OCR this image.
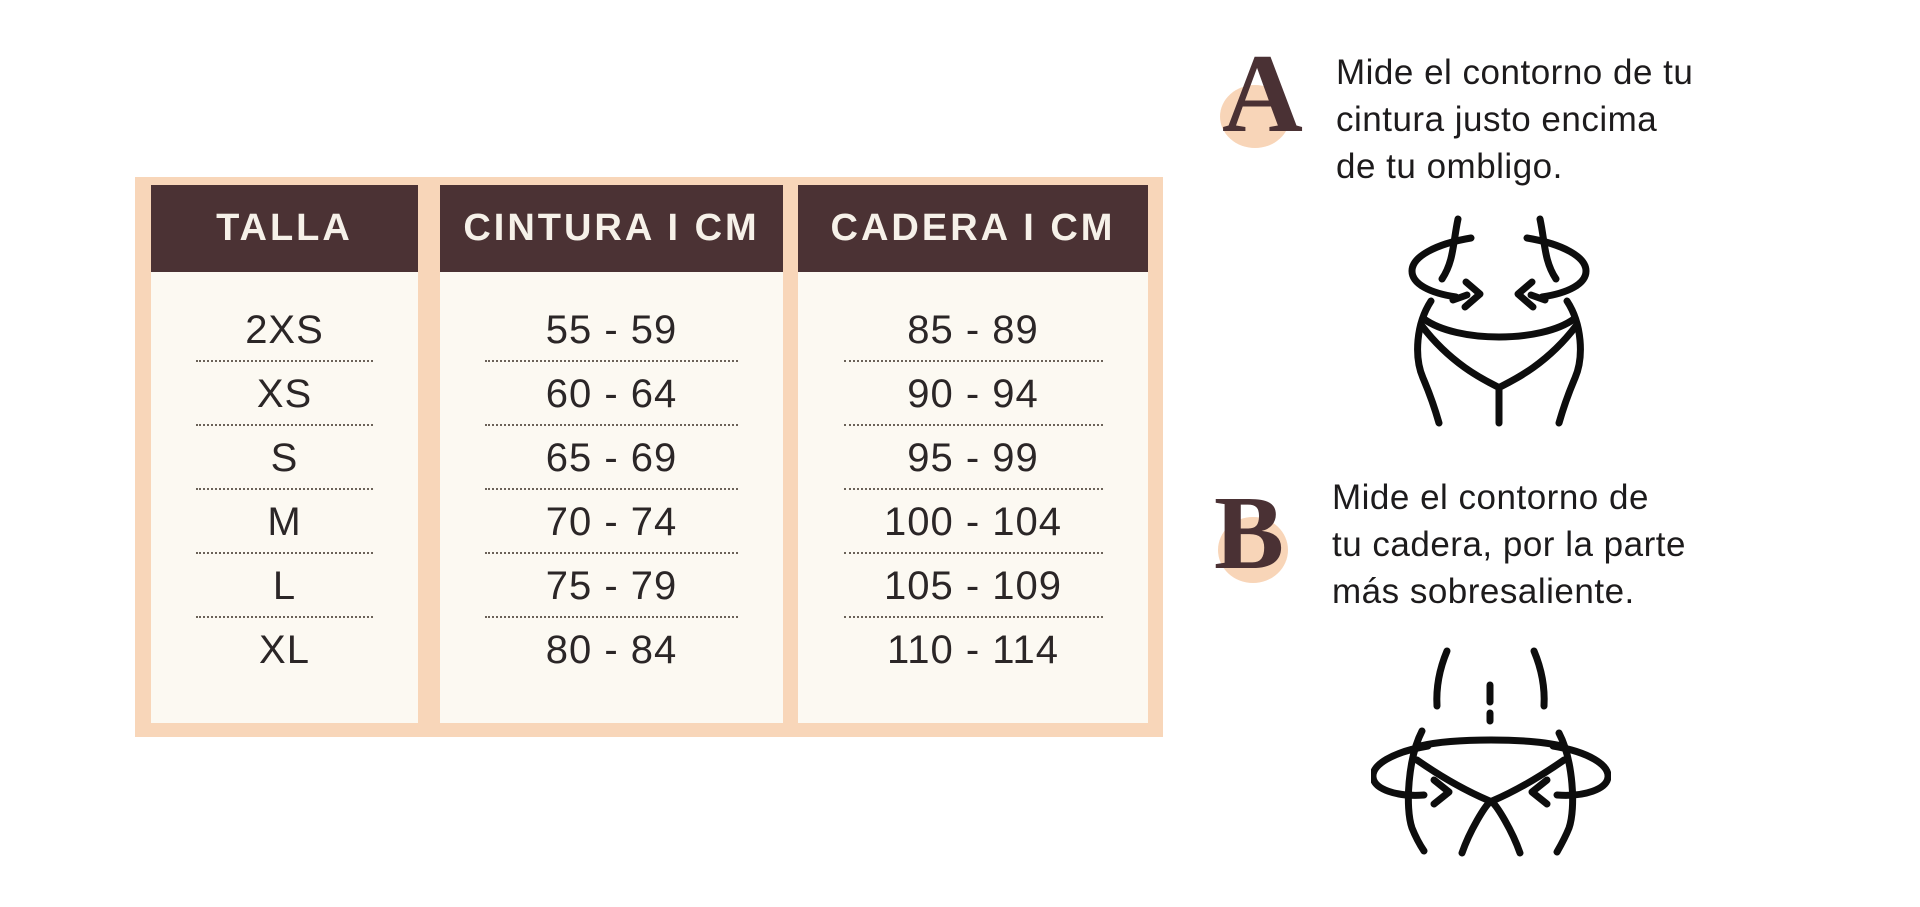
TALLA
2XS
XS
S
M
L
XL
CINTURA I CM
55 - 59
60 - 64
65 - 69
70 - 74
75 - 79
80 - 84
CADERA I CM
85 - 89
90 - 94
95 - 99
100 - 104
105 - 109
110 - 114
A Mide el contorno de tu
cintura justo encima
de tu ombligo.
B Mide el contorno de
tu cadera, por la parte
más sobresaliente.
